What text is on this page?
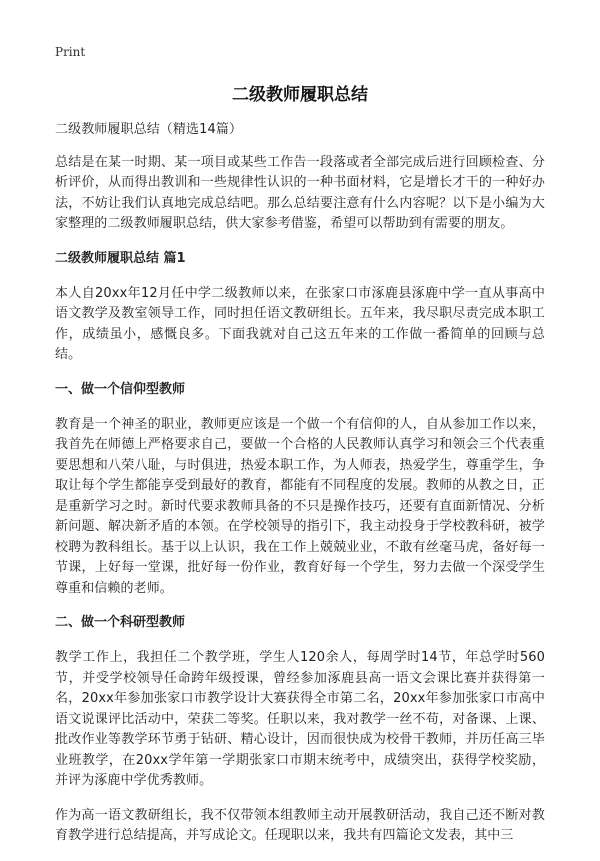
Print
二级教师履职总结

二级教师履职总结（精选14篇）

总结是在某一时期、某一项目或某些工作告一段落或者全部完成后进行回顾检查、分析评价，从而得出教训和一些规律性认识的一种书面材料，它是增长才干的一种好办法，不妨让我们认真地完成总结吧。那么总结要注意有什么内容呢？以下是小编为大家整理的二级教师履职总结，供大家参考借鉴，希望可以帮助到有需要的朋友。

二级教师履职总结 篇1

本人自20xx年12月任中学二级教师以来，在张家口市涿鹿县涿鹿中学一直从事高中语文教学及教室领导工作，同时担任语文教研组长。五年来，我尽职尽责完成本职工作，成绩虽小，感慨良多。下面我就对自己这五年来的工作做一番简单的回顾与总结。

一、做一个信仰型教师

教育是一个神圣的职业，教师更应该是一个做一个有信仰的人，自从参加工作以来，我首先在师德上严格要求自己，要做一个合格的人民教师认真学习和领会三个代表重要思想和八荣八耻，与时俱进，热爱本职工作，为人师表，热爱学生，尊重学生，争取让每个学生都能享受到最好的教育，都能有不同程度的发展。教师的从教之日，正是重新学习之时。新时代要求教师具备的不只是操作技巧，还要有直面新情况、分析新问题、解决新矛盾的本领。在学校领导的指引下，我主动投身于学校教科研，被学校聘为教科组长。基于以上认识，我在工作上兢兢业业，不敢有丝毫马虎，备好每一节课，上好每一堂课，批好每一份作业，教育好每一个学生，努力去做一个深受学生尊重和信赖的老师。

二、做一个科研型教师

教学工作上，我担任二个教学班，学生人120余人，每周学时14节，年总学时560节，并受学校领导任命跨年级授课，曾经参加涿鹿县高一语文会课比赛并获得第一名，20xx年参加张家口市教学设计大赛获得全市第二名，20xx年参加张家口市高中语文说课评比活动中，荣获二等奖。任职以来，我对教学一丝不苟，对备课、上课、批改作业等教学环节勇于钻研、精心设计，因而很快成为校骨干教师，并历任高三毕业班教学，在20xx学年第一学期张家口市期末统考中，成绩突出，获得学校奖励，并评为涿鹿中学优秀教师。

作为高一语文教研组长，我不仅带领本组教师主动开展教研活动，我自己还不断对教育教学进行总结提高，并写成论文。任现职以来，我共有四篇论文发表，其中三
